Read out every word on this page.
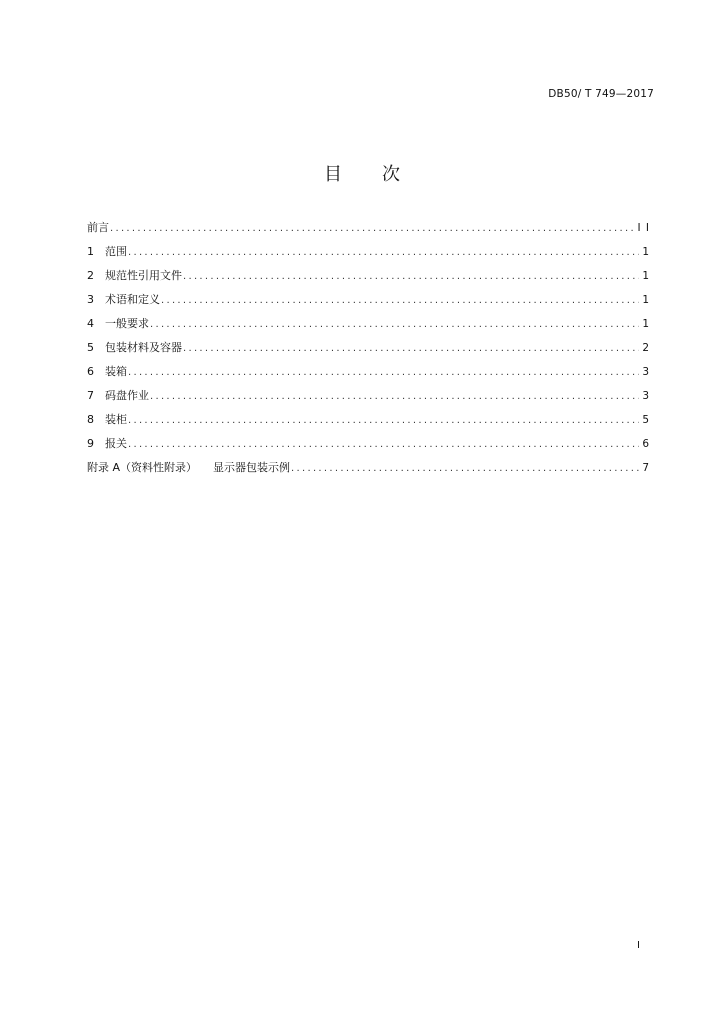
DB50/ T 749—2017
目 次
前言 .....	I I
1	范围 .....	1
2	规范性引用文件 .....	1
3	术语和定义 .....	1
4	一般要求 .....	1
5	包装材料及容器 .....	2
6	装箱 .....	3
7	码盘作业 .....	3
8	装柜 .....	5
9	报关 .....	6
附录 A（资料性附录） 显示器包装示例 .....	7
I
